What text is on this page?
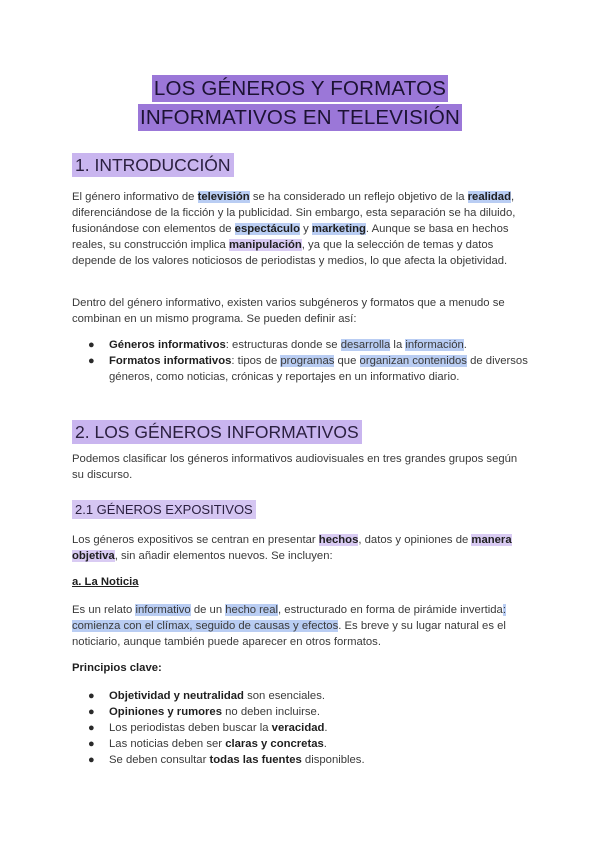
LOS GÉNEROS Y FORMATOS
INFORMATIVOS EN TELEVISIÓN
1. INTRODUCCIÓN

El género informativo de televisión se ha considerado un reflejo objetivo de la realidad, diferenciándose de la ficción y la publicidad. Sin embargo, esta separación se ha diluido, fusionándose con elementos de espectáculo y marketing. Aunque se basa en hechos reales, su construcción implica manipulación, ya que la selección de temas y datos depende de los valores noticiosos de periodistas y medios, lo que afecta la objetividad.

Dentro del género informativo, existen varios subgéneros y formatos que a menudo se combinan en un mismo programa. Se pueden definir así:

● Géneros informativos: estructuras donde se desarrolla la información.
● Formatos informativos: tipos de programas que organizan contenidos de diversos géneros, como noticias, crónicas y reportajes en un informativo diario.
2. LOS GÉNEROS INFORMATIVOS

Podemos clasificar los géneros informativos audiovisuales en tres grandes grupos según su discurso.

2.1 GÉNEROS EXPOSITIVOS

Los géneros expositivos se centran en presentar hechos, datos y opiniones de manera objetiva, sin añadir elementos nuevos. Se incluyen:

a. La Noticia

Es un relato informativo de un hecho real, estructurado en forma de pirámide invertida: comienza con el clímax, seguido de causas y efectos. Es breve y su lugar natural es el noticiario, aunque también puede aparecer en otros formatos.

Principios clave:
● Objetividad y neutralidad son esenciales.
● Opiniones y rumores no deben incluirse.
● Los periodistas deben buscar la veracidad.
● Las noticias deben ser claras y concretas.
● Se deben consultar todas las fuentes disponibles.
